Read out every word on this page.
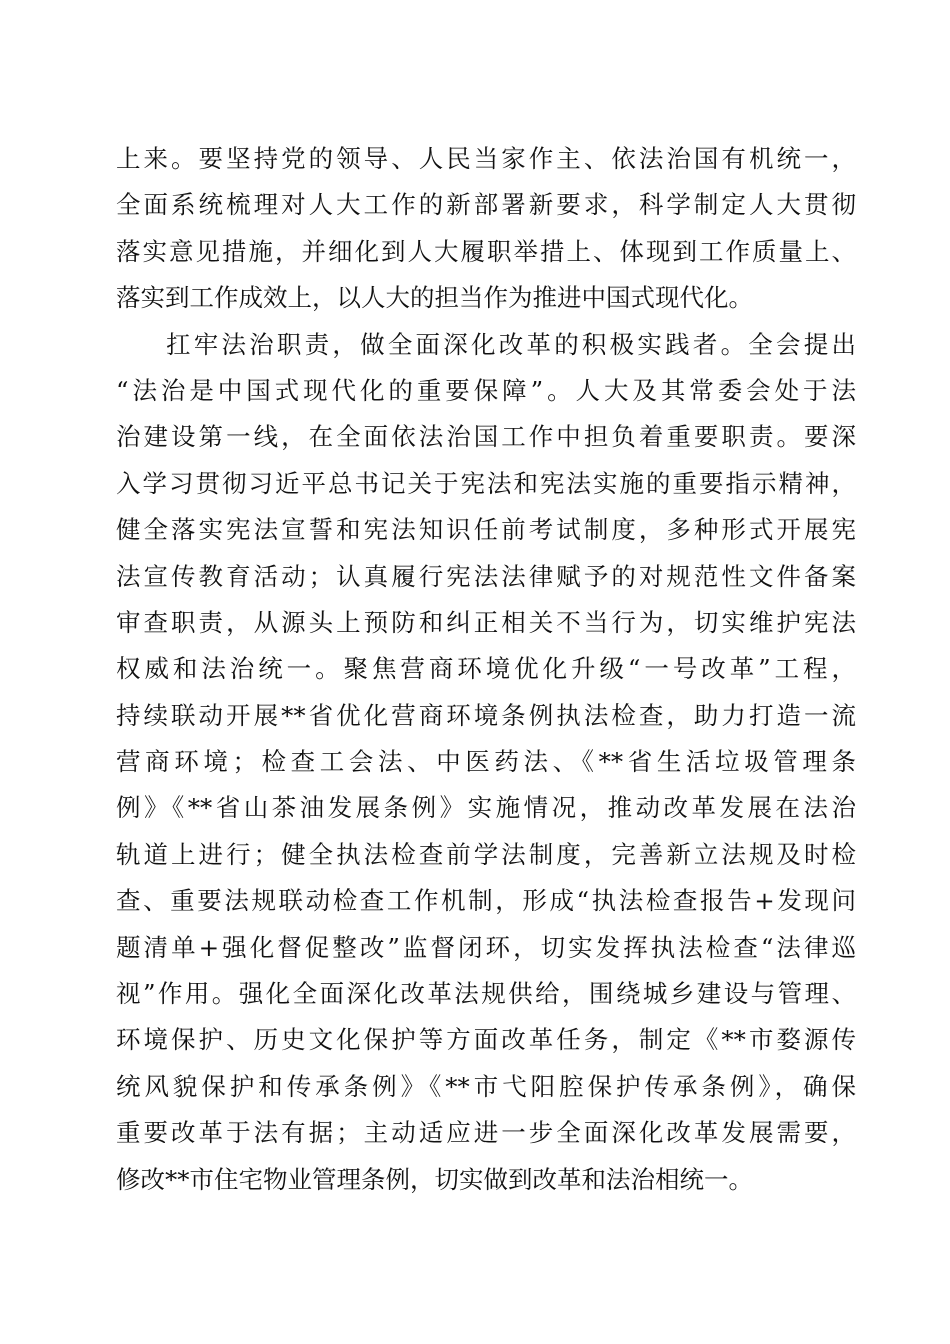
上来。要坚持党的领导、人民当家作主、依法治国有机统一，
全面系统梳理对人大工作的新部署新要求，科学制定人大贯彻
落实意见措施，并细化到人大履职举措上、体现到工作质量上、
落实到工作成效上，以人大的担当作为推进中国式现代化。
扛牢法治职责，做全面深化改革的积极实践者。全会提出
“法治是中国式现代化的重要保障”。人大及其常委会处于法
治建设第一线，在全面依法治国工作中担负着重要职责。要深
入学习贯彻习近平总书记关于宪法和宪法实施的重要指示精神，
健全落实宪法宣誓和宪法知识任前考试制度，多种形式开展宪
法宣传教育活动；认真履行宪法法律赋予的对规范性文件备案
审查职责，从源头上预防和纠正相关不当行为，切实维护宪法
权威和法治统一。聚焦营商环境优化升级“一号改革”工程，
持续联动开展**省优化营商环境条例执法检查，助力打造一流
营商环境；检查工会法、中医药法、《**省生活垃圾管理条
例》《**省山茶油发展条例》实施情况，推动改革发展在法治
轨道上进行；健全执法检查前学法制度，完善新立法规及时检
查、重要法规联动检查工作机制，形成“执法检查报告+发现问
题清单+强化督促整改”监督闭环，切实发挥执法检查“法律巡
视”作用。强化全面深化改革法规供给，围绕城乡建设与管理、
环境保护、历史文化保护等方面改革任务，制定《**市婺源传
统风貌保护和传承条例》《**市弋阳腔保护传承条例》，确保
重要改革于法有据；主动适应进一步全面深化改革发展需要，
修改**市住宅物业管理条例，切实做到改革和法治相统一。
